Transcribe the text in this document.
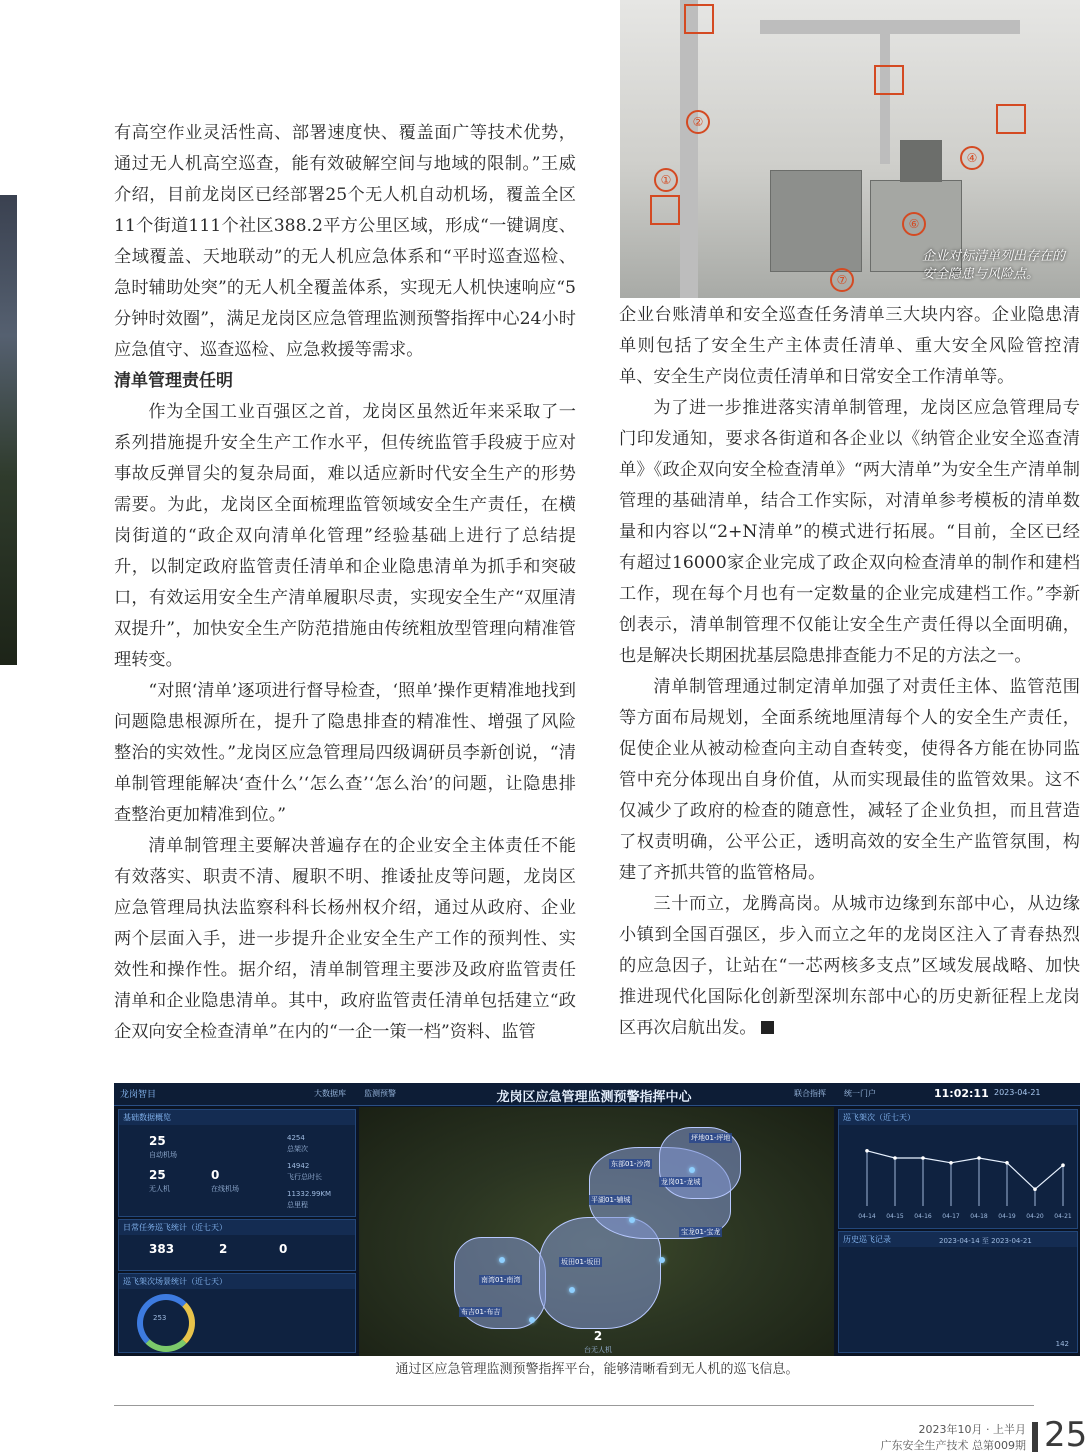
②
①
④
⑥
⑦
企业对标清单列出存在的
安全隐患与风险点。

有高空作业灵活性高、部署速度快、覆盖面广等技术优势，通过无人机高空巡查，能有效破解空间与地域的限制。”王威介绍，目前龙岗区已经部署25个无人机自动机场，覆盖全区11个街道111个社区388.2平方公里区域，形成“一键调度、全域覆盖、天地联动”的无人机应急体系和“平时巡查巡检、急时辅助处突”的无人机全覆盖体系，实现无人机快速响应“5分钟时效圈”，满足龙岗区应急管理监测预警指挥中心24小时应急值守、巡查巡检、应急救援等需求。

清单管理责任明

作为全国工业百强区之首，龙岗区虽然近年来采取了一系列措施提升安全生产工作水平，但传统监管手段疲于应对事故反弹冒尖的复杂局面，难以适应新时代安全生产的形势需要。为此，龙岗区全面梳理监管领域安全生产责任，在横岗街道的“政企双向清单化管理”经验基础上进行了总结提升，以制定政府监管责任清单和企业隐患清单为抓手和突破口，有效运用安全生产清单履职尽责，实现安全生产“双厘清双提升”，加快安全生产防范措施由传统粗放型管理向精准管理转变。

“对照‘清单’逐项进行督导检查，‘照单’操作更精准地找到问题隐患根源所在，提升了隐患排查的精准性、增强了风险整治的实效性。”龙岗区应急管理局四级调研员李新创说，“清单制管理能解决‘查什么’‘怎么查’‘怎么治’的问题，让隐患排查整治更加精准到位。”

清单制管理主要解决普遍存在的企业安全主体责任不能有效落实、职责不清、履职不明、推诿扯皮等问题，龙岗区应急管理局执法监察科科长杨州权介绍，通过从政府、企业两个层面入手，进一步提升企业安全生产工作的预判性、实效性和操作性。据介绍，清单制管理主要涉及政府监管责任清单和企业隐患清单。其中，政府监管责任清单包括建立“政企双向安全检查清单”在内的“一企一策一档”资料、监管

企业台账清单和安全巡查任务清单三大块内容。企业隐患清单则包括了安全生产主体责任清单、重大安全风险管控清单、安全生产岗位责任清单和日常安全工作清单等。

为了进一步推进落实清单制管理，龙岗区应急管理局专门印发通知，要求各街道和各企业以《纳管企业安全巡查清单》《政企双向安全检查清单》“两大清单”为安全生产清单制管理的基础清单，结合工作实际，对清单参考模板的清单数量和内容以“2+N清单”的模式进行拓展。“目前，全区已经有超过16000家企业完成了政企双向检查清单的制作和建档工作，现在每个月也有一定数量的企业完成建档工作。”李新创表示，清单制管理不仅能让安全生产责任得以全面明确，也是解决长期困扰基层隐患排查能力不足的方法之一。

清单制管理通过制定清单加强了对责任主体、监管范围等方面布局规划，全面系统地厘清每个人的安全生产责任，促使企业从被动检查向主动自查转变，使得各方能在协同监管中充分体现出自身价值，从而实现最佳的监管效果。这不仅减少了政府的检查的随意性，减轻了企业负担，而且营造了权责明确，公平公正，透明高效的安全生产监管氛围，构建了齐抓共管的监管格局。

三十而立，龙腾高岗。从城市边缘到东部中心，从边缘小镇到全国百强区，步入而立之年的龙岗区注入了青春热烈的应急因子，让站在“一芯两核多支点”区域发展战略、加快推进现代化国际化创新型深圳东部中心的历史新征程上龙岗区再次启航出发。

龙岗智目	大数据库 监测预警	龙岗区应急管理监测预警指挥中心	联合指挥 统一门户	11:02:11 2023-04-21
基础数据概览
25
自动机场
25
无人机
0
在线机场
4254
总架次
14942
飞行总时长
11332.99KM
总里程
日常任务巡飞统计（近七天）
383	2	0
巡飞架次场景统计（近七天）
253
坪地01-坪地
东部01-沙湾
龙岗01-龙城
平湖01-辅城
南湾01-南湾
坂田01-坂田
宝龙01-宝龙
布吉01-布吉
2
台无人机
巡飞架次（近七天）
04-14 04-15 04-16 04-17 04-18 04-19 04-20 04-21
历史巡飞记录	2023-04-14 至 2023-04-21
142
通过区应急管理监测预警指挥平台，能够清晰看到无人机的巡飞信息。
2023年10月 · 上半月
广东安全生产技术 总第009期 25
